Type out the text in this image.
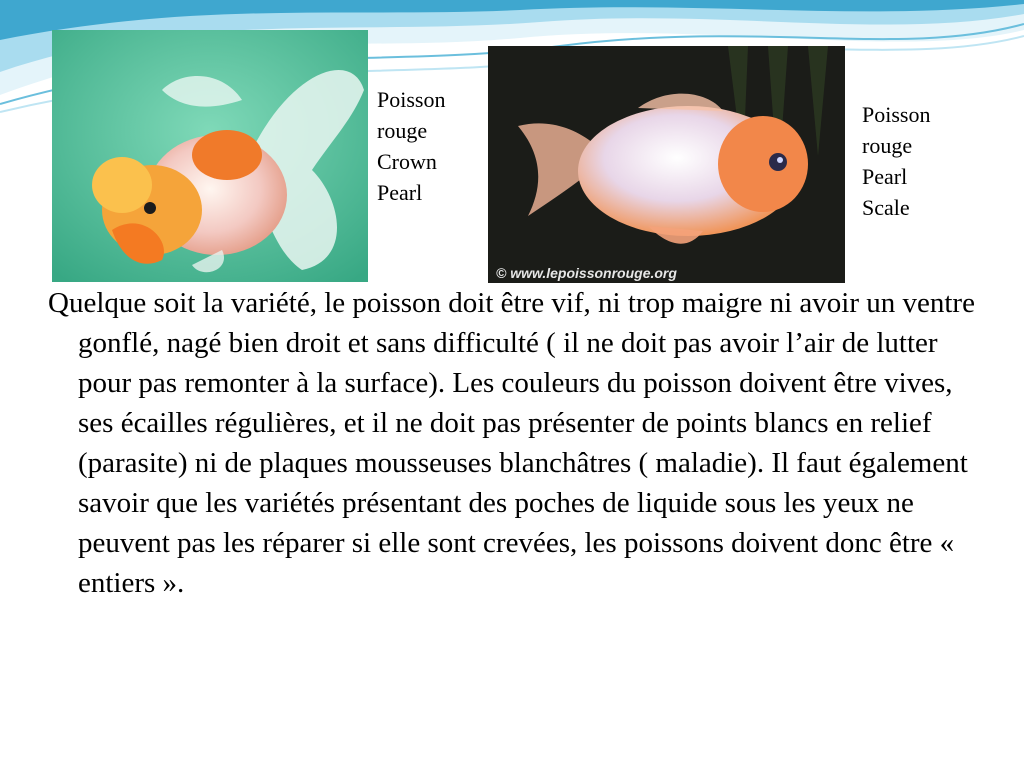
Poisson
rouge
Crown
Pearl
© www.lepoissonrouge.org
Poisson
rouge
Pearl
Scale
Quelque soit la variété, le poisson doit être vif, ni trop maigre ni avoir un ventre gonflé, nagé bien droit et sans difficulté ( il ne doit pas avoir l’air de lutter pour pas remonter à la surface). Les couleurs du poisson doivent être vives, ses écailles régulières, et il ne doit pas présenter de points blancs en relief (parasite) ni de plaques mousseuses blanchâtres ( maladie). Il faut également savoir que les variétés présentant des poches de liquide sous les yeux ne peuvent pas les réparer si elle sont crevées, les poissons doivent donc être « entiers ».
